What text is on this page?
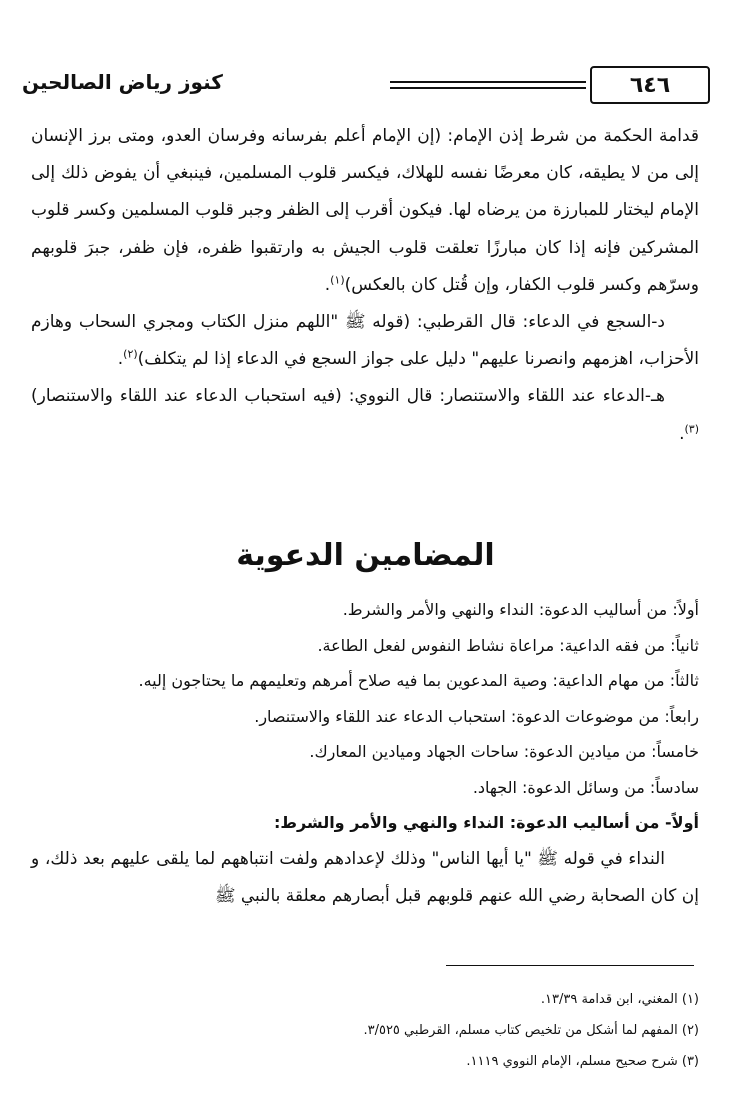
٦٤٦
كنوز رياض الصالحين

قدامة الحكمة من شرط إذن الإمام: (إن الإمام أعلم بفرسانه وفرسان العدو، ومتى برز الإنسان إلى من لا يطيقه، كان معرضًا نفسه للهلاك، فيكسر قلوب المسلمين، فينبغي أن يفوض ذلك إلى الإمام ليختار للمبارزة من يرضاه لها. فيكون أقرب إلى الظفر وجبر قلوب المسلمين وكسر قلوب المشركين فإنه إذا كان مبارزًا تعلقت قلوب الجيش به وارتقبوا ظفره، فإن ظفر، جبرَ قلوبهم وسرّهم وكسر قلوب الكفار، وإن قُتل كان بالعكس)$^{(١)}$.

د-السجع في الدعاء: قال القرطبي: (قوله ﷺ "اللهم منزل الكتاب ومجري السحاب وهازم الأحزاب، اهزمهم وانصرنا عليهم" دليل على جواز السجع في الدعاء إذا لم يتكلف)$^{(٢)}$.

هـ-الدعاء عند اللقاء والاستنصار: قال النووي: (فيه استحباب الدعاء عند اللقاء والاستنصار)$^{(٣)}$.

المضامين الدعوية
أولاً: من أساليب الدعوة: النداء والنهي والأمر والشرط.
ثانياً: من فقه الداعية: مراعاة نشاط النفوس لفعل الطاعة.
ثالثاً: من مهام الداعية: وصية المدعوين بما فيه صلاح أمرهم وتعليمهم ما يحتاجون إليه.
رابعاً: من موضوعات الدعوة: استحباب الدعاء عند اللقاء والاستنصار.
خامساً: من ميادين الدعوة: ساحات الجهاد وميادين المعارك.
سادساً: من وسائل الدعوة: الجهاد.
أولاً- من أساليب الدعوة: النداء والنهي والأمر والشرط:
النداء في قوله ﷺ "يا أيها الناس" وذلك لإعدادهم ولفت انتباههم لما يلقى عليهم بعد ذلك، و إن كان الصحابة رضي الله عنهم قلوبهم قبل أبصارهم معلقة بالنبي ﷺ
(١) المغني، ابن قدامة ١٣/٣٩.
(٢) المفهم لما أشكل من تلخيص كتاب مسلم، القرطبي ٣/٥٢٥.
(٣) شرح صحيح مسلم، الإمام النووي ١١١٩.
